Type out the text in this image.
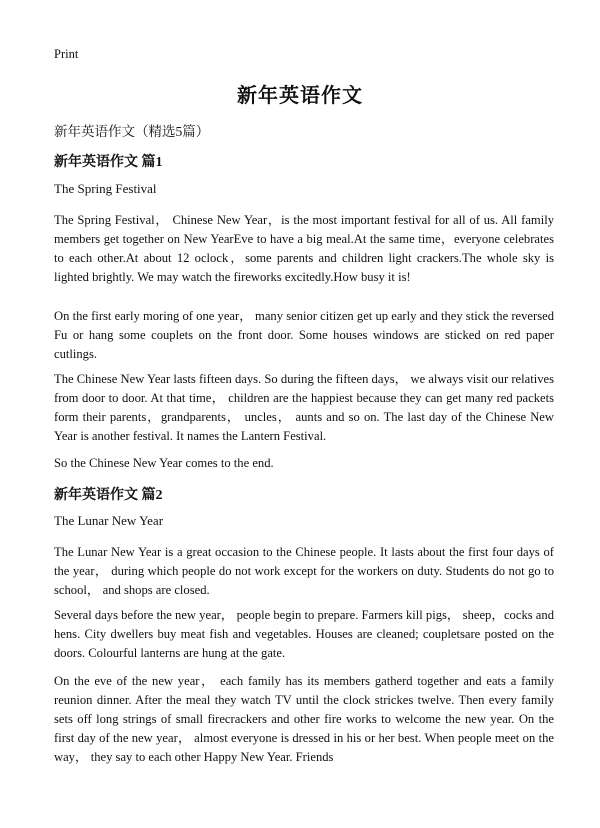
Print
新年英语作文
新年英语作文（精选5篇）
新年英语作文 篇1
The Spring Festival

The Spring Festival， Chinese New Year，is the most important festival for all of us. All family members get together on New YearEve to have a big meal.At the same time，everyone celebrates to each other.At about 12 oclock，some parents and children light crackers.The whole sky is lighted brightly. We may watch the fireworks excitedly.How busy it is!

On the first early moring of one year， many senior citizen get up early and they stick the reversed Fu or hang some couplets on the front door. Some houses windows are sticked on red paper cutlings.

The Chinese New Year lasts fifteen days. So during the fifteen days， we always visit our relatives from door to door. At that time， children are the happiest because they can get many red packets form their parents，grandparents， uncles， aunts and so on. The last day of the Chinese New Year is another festival. It names the Lantern Festival.

So the Chinese New Year comes to the end.

新年英语作文 篇2
The Lunar New Year

The Lunar New Year is a great occasion to the Chinese people. It lasts about the first four days of the year， during which people do not work except for the workers on duty. Students do not go to school， and shops are closed.

Several days before the new year， people begin to prepare. Farmers kill pigs， sheep，cocks and hens. City dwellers buy meat fish and vegetables. Houses are cleaned; coupletsare posted on the doors. Colourful lanterns are hung at the gate.

On the eve of the new year， each family has its members gatherd together and eats a family reunion dinner. After the meal they watch TV until the clock strickes twelve. Then every family sets off long strings of small firecrackers and other fire works to welcome the new year. On the first day of the new year， almost everyone is dressed in his or her best. When people meet on the way， they say to each other Happy New Year. Friends
